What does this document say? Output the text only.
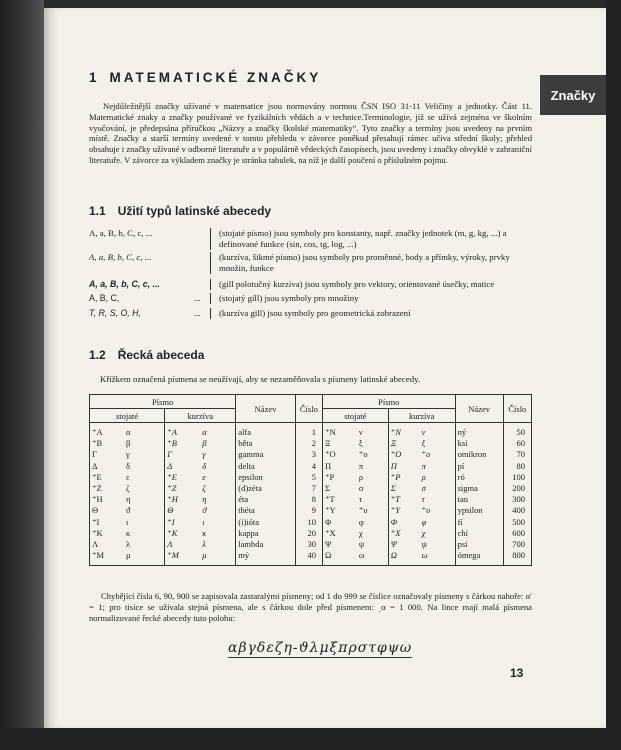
Značky
1 MATEMATICKÉ ZNAČKY

Nejdůležitější značky užívané v matematice jsou normovány normou ČSN ISO 31-11 Veličiny a jednotky. Část 11. Matematické znaky a značky používané ve fyzikálních vědách a v technice.Terminologie, již se užívá zejména ve školním vyučování, je předepsána příručkou „Názvy a značky školské matematiky“. Tyto značky a termíny jsou uvedeny na prvním místě. Značky a starší termíny uvedené v tomto přehledu v závorce poněkud přesahují rámec učiva střední školy; přehled obsahuje i značky užívané v odborné literatuře a v populárně vědeckých časopisech, jsou uvedeny i značky obvyklé v zahraniční literatuře. V závorce za výkladem značky je stránka tabulek, na níž je další poučení o příslušném pojmu.

1.1 Užití typů latinské abecedy
A, a, B, b, C, c, ...	(stojaté písmo) jsou symboly pro konstanty, např. značky jednotek (m, g, kg, ...) a definované funkce (sin, cos, tg, log, ...)
A, a, B, b, C, c, ...	(kurzíva, šikmé písmo) jsou symboly pro proměnné, body a přímky, výroky, prvky množin, funkce
A, a, B, b, C, c, ...	(gill polotučný kurzíva) jsou symboly pro vektory, orientované úsečky, matice
A, B, C,	...	(stojatý gill) jsou symboly pro množiny
T, R, S, O, H,	...	(kurzíva gill) jsou symboly pro geometrická zobrazení
1.2 Řecká abeceda

Křížkem označená písmena se neužívají, aby se nezaměňovala s písmeny latinské abecedy.

Písmo				Název	Číslo	Písmo				Název	Číslo
stojaté		kurzíva				stojaté		kurzíva			
⁺A	α	⁺A	α	alfa	1	⁺N	ν	⁺N	ν	ný	50
⁺B	β	⁺B	β	běta	2	Ξ	ξ	Ξ	ξ	ksí	60
Γ	γ	Γ	γ	gamma	3	⁺O	⁺o	⁺O	⁺o	omikron	70
Δ	δ	Δ	δ	delta	4	Π	π	Π	π	pí	80
⁺E	ε	⁺E	ε	epsilon	5	⁺P	ρ	⁺P	ρ	ró	100
⁺Z	ζ	⁺Z	ζ	(d)zéta	7	Σ	σ	Σ	σ	sigma	200
⁺H	η	⁺H	η	éta	8	⁺T	τ	⁺T	τ	tau	300
Θ	ϑ	Θ	ϑ	théta	9	⁺Y	⁺υ	⁺Y	⁺υ	ypsilon	400
⁺I	ι	⁺I	ι	(i)ióta	10	Φ	φ	Φ	φ	fí	500
⁺K	κ	⁺K	κ	kappa	20	⁺X	χ	⁺X	χ	chí	600
Λ	λ	Λ	λ	lambda	30	Ψ	ψ	Ψ	ψ	psí	700
⁺M	μ	⁺M	μ	mý	40	Ω	ω	Ω	ω	ómega	800

Chybějící čísla 6, 90, 900 se zapisovala zastaralými písmeny; od 1 do 999 se číslice označovaly písmeny s čárkou nahoře: α′ = 1; pro tisíce se užívala stejná písmena, ale s čárkou dole před písmenem: ͵α = 1 000. Na lince mají malá písmena normalizované řecké abecedy tuto polohu:

αβγδεζη-ϑλμξπρστφψω
13
